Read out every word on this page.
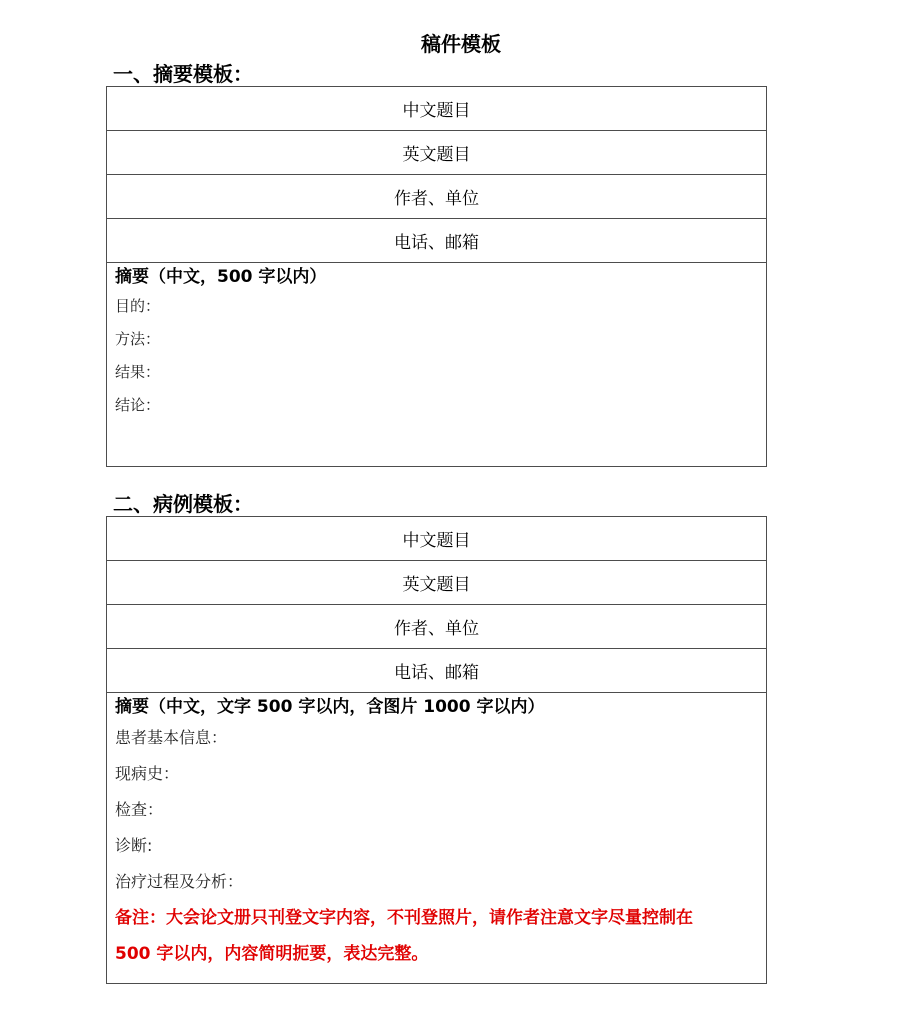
稿件模板
一、摘要模板：
中文题目
英文题目
作者、单位
电话、邮箱
摘要（中文，500 字以内）
目的：
方法：
结果：
结论：
二、病例模板：
中文题目
英文题目
作者、单位
电话、邮箱
摘要（中文，文字 500 字以内，含图片 1000 字以内）
患者基本信息：
现病史：
检查：
诊断:
治疗过程及分析：
备注：大会论文册只刊登文字内容，不刊登照片，请作者注意文字尽量控制在
500 字以内，内容简明扼要，表达完整。
